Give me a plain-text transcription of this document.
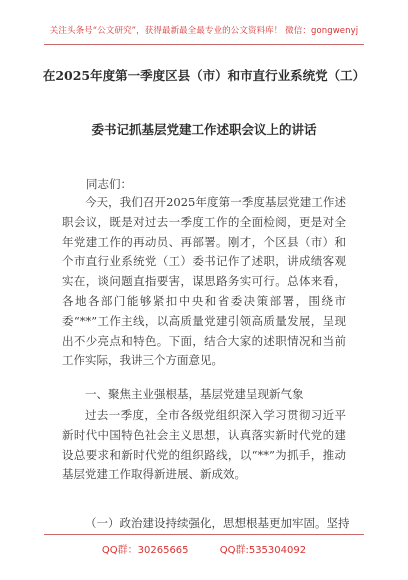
关注头条号“公文研究”，获得最新最全最专业的公文资料库！ 微信：gongwenyj
在2025年度第一季度区县（市）和市直行业系统党（工）
委书记抓基层党建工作述职会议上的讲话

同志们：

今天，我们召开2025年度第一季度基层党建工作述职会议，既是对过去一季度工作的全面检阅，更是对全年党建工作的再动员、再部署。刚才，个区县（市）和个市直行业系统党（工）委书记作了述职，讲成绩客观实在，谈问题直指要害，谋思路务实可行。总体来看，各地各部门能够紧扣中央和省委决策部署，围绕市委“**”工作主线，以高质量党建引领高质量发展，呈现出不少亮点和特色。下面，结合大家的述职情况和当前工作实际，我讲三个方面意见。

一、聚焦主业强根基，基层党建呈现新气象

过去一季度，全市各级党组织深入学习贯彻习近平新时代中国特色社会主义思想，认真落实新时代党的建设总要求和新时代党的组织路线，以“**”为抓手，推动基层党建工作取得新进展、新成效。

（一）政治建设持续强化，思想根基更加牢固。坚持

QQ群：30265665	QQ群:535304092
